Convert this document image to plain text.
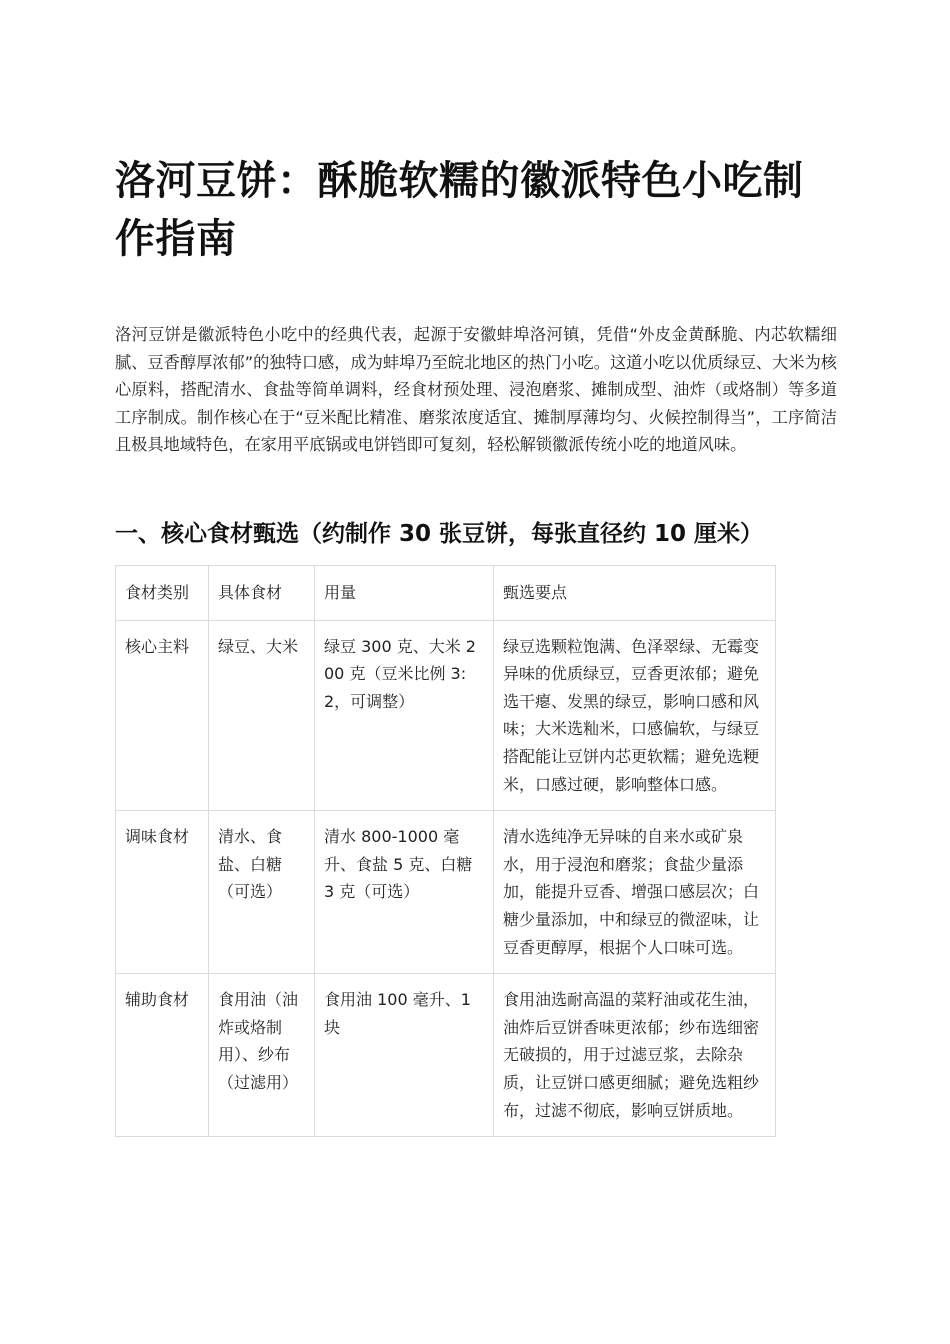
洛河豆饼：酥脆软糯的徽派特色小吃制作指南

洛河豆饼是徽派特色小吃中的经典代表，起源于安徽蚌埠洛河镇，凭借“外皮金黄酥脆、内芯软糯细腻、豆香醇厚浓郁”的独特口感，成为蚌埠乃至皖北地区的热门小吃。这道小吃以优质绿豆、大米为核心原料，搭配清水、食盐等简单调料，经食材预处理、浸泡磨浆、摊制成型、油炸（或烙制）等多道工序制成。制作核心在于“豆米配比精准、磨浆浓度适宜、摊制厚薄均匀、火候控制得当”，工序简洁且极具地域特色，在家用平底锅或电饼铛即可复刻，轻松解锁徽派传统小吃的地道风味。

一、核心食材甄选（约制作 30 张豆饼，每张直径约 10 厘米）
食材类别	具体食材	用量	甄选要点
核心主料	绿豆、大米	绿豆 300 克、大米 200 克（豆米比例 3:2，可调整）	绿豆选颗粒饱满、色泽翠绿、无霉变异味的优质绿豆，豆香更浓郁；避免选干瘪、发黑的绿豆，影响口感和风味；大米选籼米，口感偏软，与绿豆搭配能让豆饼内芯更软糯；避免选粳米，口感过硬，影响整体口感。
调味食材	清水、食盐、白糖（可选）	清水 800-1000 毫升、食盐 5 克、白糖 3 克（可选）	清水选纯净无异味的自来水或矿泉水，用于浸泡和磨浆；食盐少量添加，能提升豆香、增强口感层次；白糖少量添加，中和绿豆的微涩味，让豆香更醇厚，根据个人口味可选。
辅助食材	食用油（油炸或烙制用）、纱布（过滤用）	食用油 100 毫升、1 块	食用油选耐高温的菜籽油或花生油，油炸后豆饼香味更浓郁；纱布选细密无破损的，用于过滤豆浆，去除杂质，让豆饼口感更细腻；避免选粗纱布，过滤不彻底，影响豆饼质地。
